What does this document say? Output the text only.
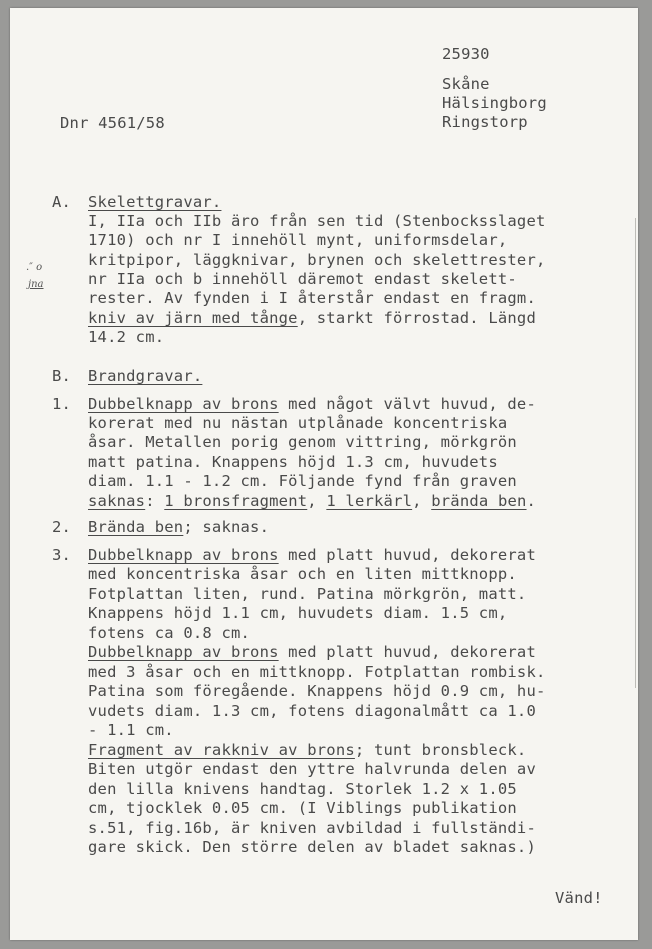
25930
Skåne
Hälsingborg
Ringstorp
Dnr 4561/58
.″ o
jna
A. Skelettgravar.
I, IIa och IIb äro från sen tid (Stenbocksslaget
1710) och nr I innehöll mynt, uniformsdelar,
kritpipor, läggknivar, brynen och skelettrester,
nr IIa och b innehöll däremot endast skelett-
rester. Av fynden i I återstår endast en fragm.
kniv av järn med tånge, starkt förrostad. Längd
14.2 cm.
B. Brandgravar.
1. Dubbelknapp av brons med något välvt huvud, de-
korerat med nu nästan utplånade koncentriska
åsar. Metallen porig genom vittring, mörkgrön
matt patina. Knappens höjd 1.3 cm, huvudets
diam. 1.1 - 1.2 cm. Följande fynd från graven
saknas: 1 bronsfragment, 1 lerkärl, brända ben.
2. Brända ben; saknas.
3. Dubbelknapp av brons med platt huvud, dekorerat
med koncentriska åsar och en liten mittknopp.
Fotplattan liten, rund. Patina mörkgrön, matt.
Knappens höjd 1.1 cm, huvudets diam. 1.5 cm,
fotens ca 0.8 cm.
Dubbelknapp av brons med platt huvud, dekorerat
med 3 åsar och en mittknopp. Fotplattan rombisk.
Patina som föregående. Knappens höjd 0.9 cm, hu-
vudets diam. 1.3 cm, fotens diagonalmått ca 1.0
- 1.1 cm.
Fragment av rakkniv av brons; tunt bronsbleck.
Biten utgör endast den yttre halvrunda delen av
den lilla knivens handtag. Storlek 1.2 x 1.05
cm, tjocklek 0.05 cm. (I Viblings publikation
s.51, fig.16b, är kniven avbildad i fullständi-
gare skick. Den större delen av bladet saknas.)
Vänd!
